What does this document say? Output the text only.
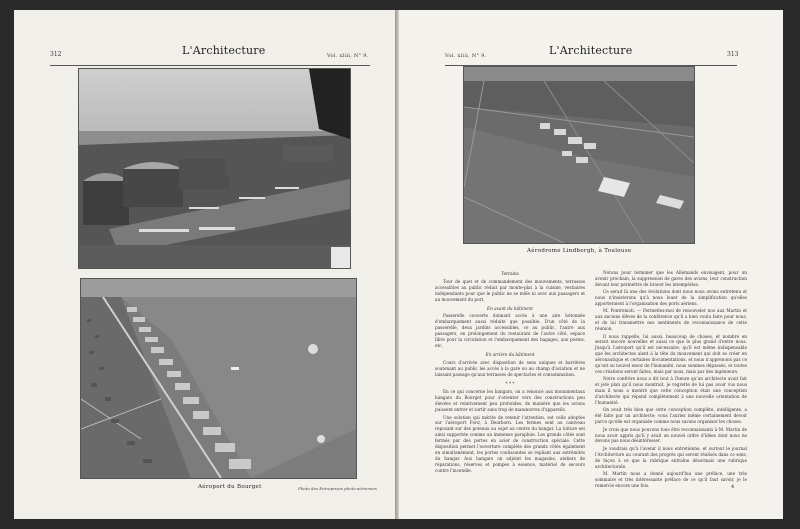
312	L'Architecture	Vol. xliii, N° 9.
Aéroport du Bourget	Photo des Entreprises photo-aériennes
Vol. xliii, N° 9.	L'Architecture	313
Aérodrome Lindbergh, à Toulouse

Terrains

Tour de quet et de commandement des mouvements, terrasses accessibles au public réduit par monte-plat à la cuisine, vestiaires indépendants pour que le public ne se mêle ni avec aux passagers et au mouvement du port.

En avant du bâtiment

Passerelle couverte donnant accès à une aire bétonnée d'embarquement aussi réduite que possible. D'un côté de la passerelle, deux jardins accessibles, ce au public, l'autre aux passagers, en prolongement du restaurant de l'autre côté, espace libre pour la circulation et l'embarquement des bagages, aux postes, etc.

En arrière du bâtiment

Cours d'arrivée avec disposition de sens uniques et barrières soutenant au public les accès à la gare ou au champ d'aviation et ne laissant passage qu'aux terrasses de spectacles et consommation.

* * *

En ce qui concerne les hangars, on a renoncé aux monumentaux hangars du Bourget pour s'orienter vers des constructions peu élevées et relativement peu profondes, de manière que les avions puissent entrer et sortir sans trop de manœuvres d'appareils.

Une solution qui mérite de retenir l'attention, est celle adoptée sur l'aéroport Ford, à Dearborn. Les fermes sont au caniveau reposant sur des poteaux au sujet au centre du hangar. La toiture est ainsi supportée comme un immense parapluie. Les grands côtés sont fermés par des portes en acier de construction spéciale. Cette disposition permet l'ouverture complète des grands côtés également en simultanément, les portes coulissantes se repliant aux extrémités du hangar. Aux hangars on adjoint les magasins, ateliers de réparations, réserves et pompes à essence, matériel de secours contre l'incendie.

Notons pour terminer que les Allemands envisagent, pour un avenir prochain, la suppression de gares des avions, leur construction devant leur permettre de braver les intempéries.

Ce serait là une des évolutions dont nous nous avons entretenu et nous n'insisterons qu'à nous louer de la simplification qu'elles apporteraient à l'organisation des ports aériens.

M. Pontremoli. — Permettez-moi de renouveler nos aux Martin et aux anciens élèves de la conférence qu'il a bien voulu faire pour nous, et de lui transmettre nos sentiments de reconnaissance de cette réunion.

Il nous rappelle, lui aussi, beaucoup de choses, et nombre en seront encore nouvelles et aussi ce que le plus grand d'entre nous. Jusqu'à l'aéroport qu'il est nécessaire, qu'il est même indispensable que les architectes aient à la tête du mouvement qui doit se créer en aéronautique et certaines documentations, et nous n'apprenons pas ce qu'ont su nouvel essor de l'humanité, nous sommes dépassés, et toutes ces créations seront faites, mais par nous, mais par des ingénieurs.

Notre confrère nous a dit tout à l'heure qu'un architecte avait fait et jeté plan qu'il nous montrait, je regrette de lui pas avoir vus nous mais il nous a montré que cette conception était une conception d'architecte qui répond complètement à une nouvelle orientation de l'humanité.

On avait très bien que cette conception complète, intelligente, a été faite par un architecte; vous l'auriez même certainement devoir parce qu'elle est organisée comme nous savons organiser les choses.

Je crois que nous pouvons tous être reconnaissants à M. Martin de nous avoir appris qu'il y avait un nouvel ordre d'idées dont nous ne devons pas nous désintéresser.

Je voudrais qu'à l'avenir il nous entretienne, et surtout le journal l'Architecture au courant des progrès qui seront réalisés dans ce sens, de façon à ce que la rubrique entraîne désormais une rubrique architecturale.

M. Martin nous a donné aujourd'hui une préface, une très sommaire et très intéressante préface de ce qu'il faut savoir, je le remercie encore une fois.	4
